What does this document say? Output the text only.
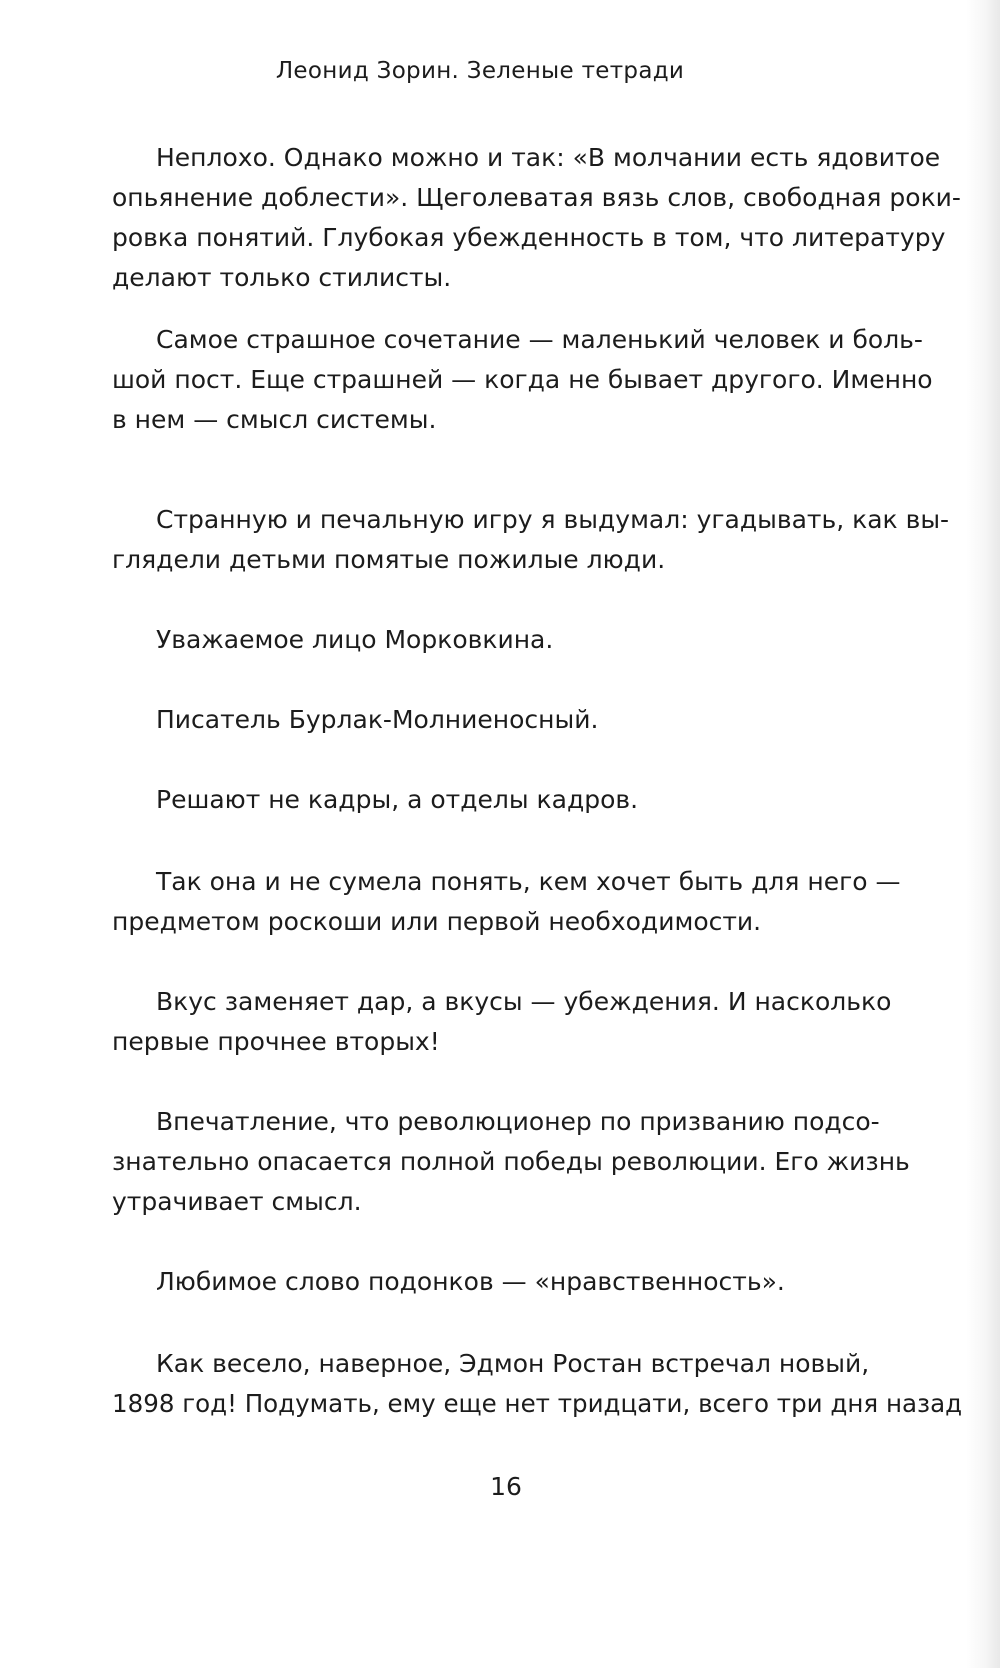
Леонид Зорин. Зеленые тетради
Неплохо. Однако можно и так: «В молчании есть ядовитое
опьянение доблести». Щеголеватая вязь слов, свободная роки-
ровка понятий. Глубокая убежденность в том, что литературу
делают только стилисты.
Самое страшное сочетание — маленький человек и боль-
шой пост. Еще страшней — когда не бывает другого. Именно
в нем — смысл системы.
Странную и печальную игру я выдумал: угадывать, как вы-
глядели детьми помятые пожилые люди.
Уважаемое лицо Морковкина.
Писатель Бурлак-Молниеносный.
Решают не кадры, а отделы кадров.
Так она и не сумела понять, кем хочет быть для него —
предметом роскоши или первой необходимости.
Вкус заменяет дар, а вкусы — убеждения. И насколько
первые прочнее вторых!
Впечатление, что революционер по призванию подсо-
знательно опасается полной победы революции. Его жизнь
утрачивает смысл.
Любимое слово подонков — «нравственность».
Как весело, наверное, Эдмон Ростан встречал новый,
1898 год! Подумать, ему еще нет тридцати, всего три дня назад
16
